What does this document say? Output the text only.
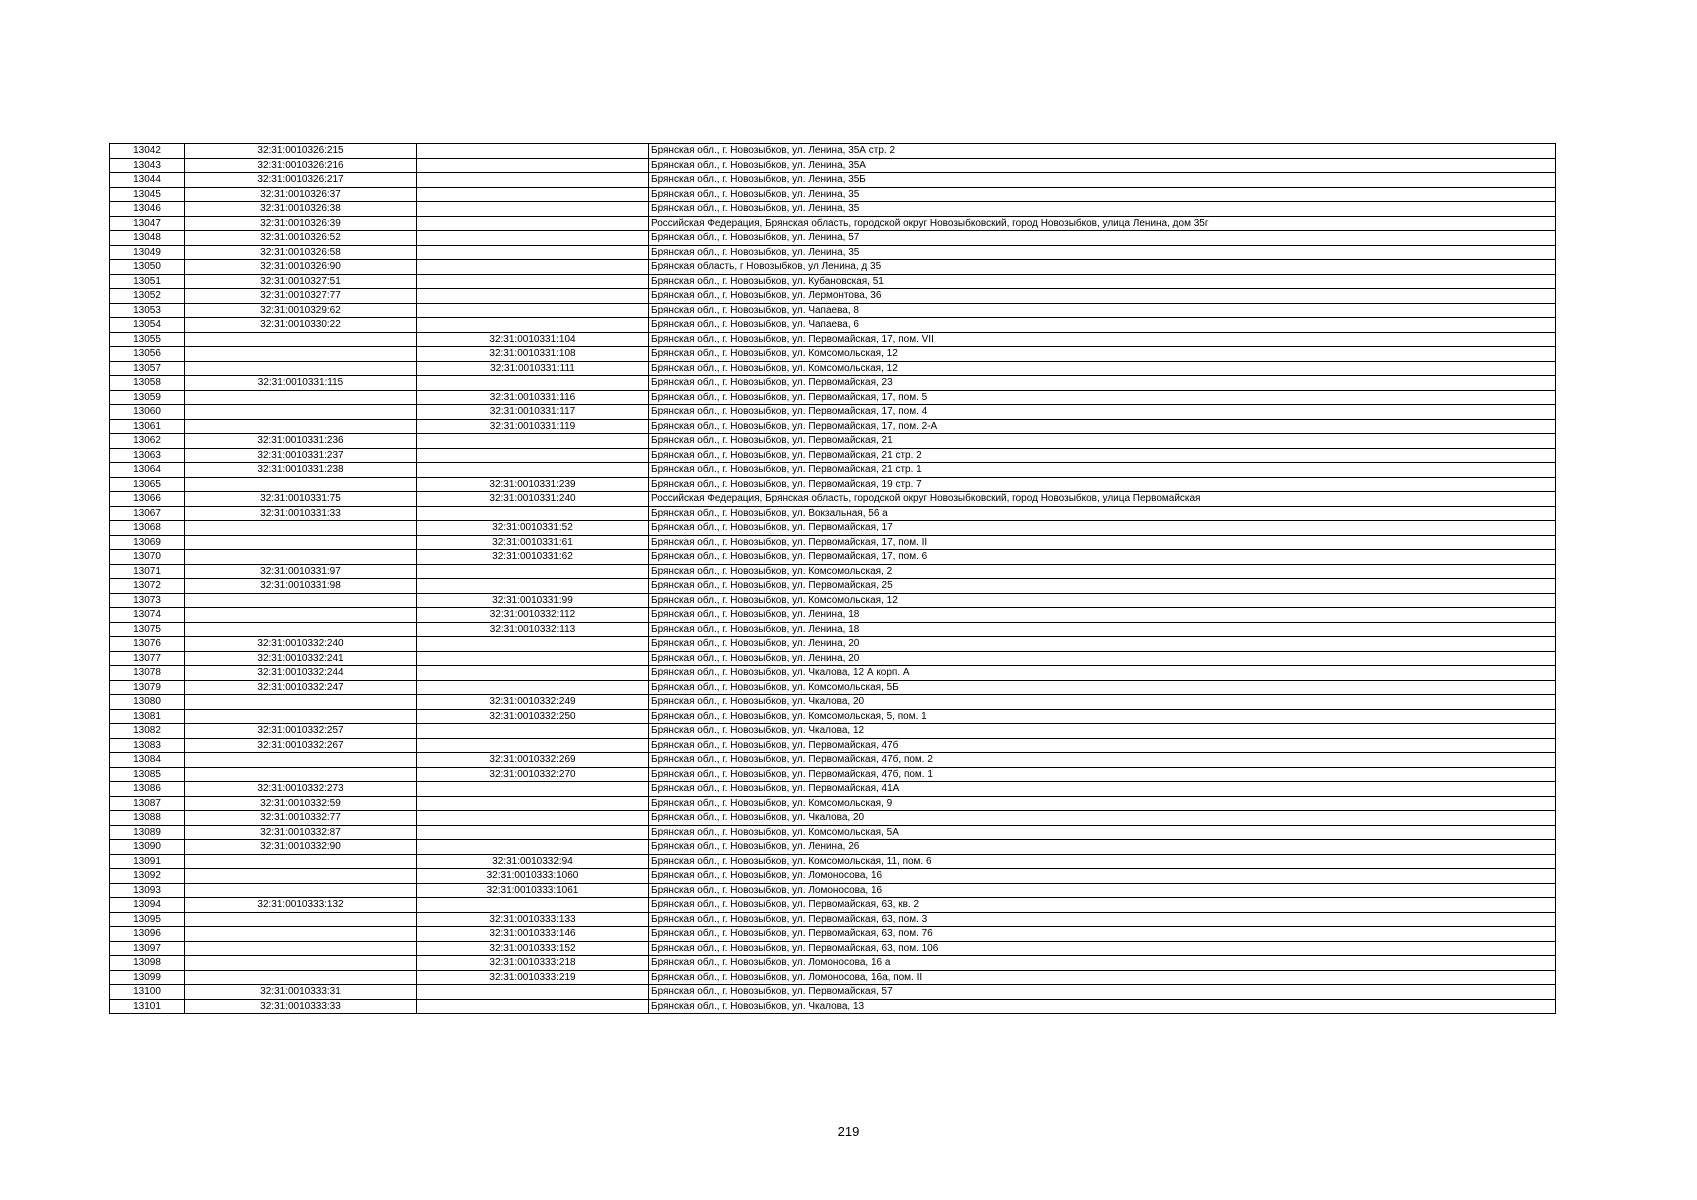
13042	32:31:0010326:215		Брянская обл., г. Новозыбков, ул. Ленина, 35А стр. 2
13043	32:31:0010326:216		Брянская обл., г. Новозыбков, ул. Ленина, 35А
13044	32:31:0010326:217		Брянская обл., г. Новозыбков, ул. Ленина, 35Б
13045	32:31:0010326:37		Брянская обл., г. Новозыбков, ул. Ленина, 35
13046	32:31:0010326:38		Брянская обл., г. Новозыбков, ул. Ленина, 35
13047	32:31:0010326:39		Российская Федерация, Брянская область, городской округ Новозыбковский, город Новозыбков, улица Ленина, дом 35г
13048	32:31:0010326:52		Брянская обл., г. Новозыбков, ул. Ленина, 57
13049	32:31:0010326:58		Брянская обл., г. Новозыбков, ул. Ленина, 35
13050	32:31:0010326:90		Брянская область, г Новозыбков, ул Ленина, д 35
13051	32:31:0010327:51		Брянская обл., г. Новозыбков, ул. Кубановская, 51
13052	32:31:0010327:77		Брянская обл., г. Новозыбков, ул. Лермонтова, 36
13053	32:31:0010329:62		Брянская обл., г. Новозыбков, ул. Чапаева, 8
13054	32:31:0010330:22		Брянская обл., г. Новозыбков, ул. Чапаева, 6
13055		32:31:0010331:104	Брянская обл., г. Новозыбков, ул. Первомайская, 17, пом. VII
13056		32:31:0010331:108	Брянская обл., г. Новозыбков, ул. Комсомольская, 12
13057		32:31:0010331:111	Брянская обл., г. Новозыбков, ул. Комсомольская, 12
13058	32:31:0010331:115		Брянская обл., г. Новозыбков, ул. Первомайская, 23
13059		32:31:0010331:116	Брянская обл., г. Новозыбков, ул. Первомайская, 17, пом. 5
13060		32:31:0010331:117	Брянская обл., г. Новозыбков, ул. Первомайская, 17, пом. 4
13061		32:31:0010331:119	Брянская обл., г. Новозыбков, ул. Первомайская, 17, пом. 2-А
13062	32:31:0010331:236		Брянская обл., г. Новозыбков, ул. Первомайская, 21
13063	32:31:0010331:237		Брянская обл., г. Новозыбков, ул. Первомайская, 21 стр. 2
13064	32:31:0010331:238		Брянская обл., г. Новозыбков, ул. Первомайская, 21 стр. 1
13065		32:31:0010331:239	Брянская обл., г. Новозыбков, ул. Первомайская, 19 стр. 7
13066	32:31:0010331:75	32:31:0010331:240	Российская Федерация, Брянская область, городской округ Новозыбковский, город Новозыбков, улица Первомайская
13067	32:31:0010331:33		Брянская обл., г. Новозыбков, ул. Вокзальная, 56 а
13068		32:31:0010331:52	Брянская обл., г. Новозыбков, ул. Первомайская, 17
13069		32:31:0010331:61	Брянская обл., г. Новозыбков, ул. Первомайская, 17, пом. II
13070		32:31:0010331:62	Брянская обл., г. Новозыбков, ул. Первомайская, 17, пом. 6
13071	32:31:0010331:97		Брянская обл., г. Новозыбков, ул. Комсомольская, 2
13072	32:31:0010331:98		Брянская обл., г. Новозыбков, ул. Первомайская, 25
13073		32:31:0010331:99	Брянская обл., г. Новозыбков, ул. Комсомольская, 12
13074		32:31:0010332:112	Брянская обл., г. Новозыбков, ул. Ленина, 18
13075		32:31:0010332:113	Брянская обл., г. Новозыбков, ул. Ленина, 18
13076	32:31:0010332:240		Брянская обл., г. Новозыбков, ул. Ленина, 20
13077	32:31:0010332:241		Брянская обл., г. Новозыбков, ул. Ленина, 20
13078	32:31:0010332:244		Брянская обл., г. Новозыбков, ул. Чкалова, 12 А корп. А
13079	32:31:0010332:247		Брянская обл., г. Новозыбков, ул. Комсомольская, 5Б
13080		32:31:0010332:249	Брянская обл., г. Новозыбков, ул. Чкалова, 20
13081		32:31:0010332:250	Брянская обл., г. Новозыбков, ул. Комсомольская, 5, пом. 1
13082	32:31:0010332:257		Брянская обл., г. Новозыбков, ул. Чкалова, 12
13083	32:31:0010332:267		Брянская обл., г. Новозыбков, ул. Первомайская, 47б
13084		32:31:0010332:269	Брянская обл., г. Новозыбков, ул. Первомайская, 47б, пом. 2
13085		32:31:0010332:270	Брянская обл., г. Новозыбков, ул. Первомайская, 47б, пом. 1
13086	32:31:0010332:273		Брянская обл., г. Новозыбков, ул. Первомайская, 41А
13087	32:31:0010332:59		Брянская обл., г. Новозыбков, ул. Комсомольская, 9
13088	32:31:0010332:77		Брянская обл., г. Новозыбков, ул. Чкалова, 20
13089	32:31:0010332:87		Брянская обл., г. Новозыбков, ул. Комсомольская, 5А
13090	32:31:0010332:90		Брянская обл., г. Новозыбков, ул. Ленина, 26
13091		32:31:0010332:94	Брянская обл., г. Новозыбков, ул. Комсомольская, 11, пом. 6
13092		32:31:0010333:1060	Брянская обл., г. Новозыбков, ул. Ломоносова, 16
13093		32:31:0010333:1061	Брянская обл., г. Новозыбков, ул. Ломоносова, 16
13094	32:31:0010333:132		Брянская обл., г. Новозыбков, ул. Первомайская, 63, кв. 2
13095		32:31:0010333:133	Брянская обл., г. Новозыбков, ул. Первомайская, 63, пом. 3
13096		32:31:0010333:146	Брянская обл., г. Новозыбков, ул. Первомайская, 63, пом. 76
13097		32:31:0010333:152	Брянская обл., г. Новозыбков, ул. Первомайская, 63, пом. 106
13098		32:31:0010333:218	Брянская обл., г. Новозыбков, ул. Ломоносова, 16 а
13099		32:31:0010333:219	Брянская обл., г. Новозыбков, ул. Ломоносова, 16а, пом. II
13100	32:31:0010333:31		Брянская обл., г. Новозыбков, ул. Первомайская, 57
13101	32:31:0010333:33		Брянская обл., г. Новозыбков, ул. Чкалова, 13
219
